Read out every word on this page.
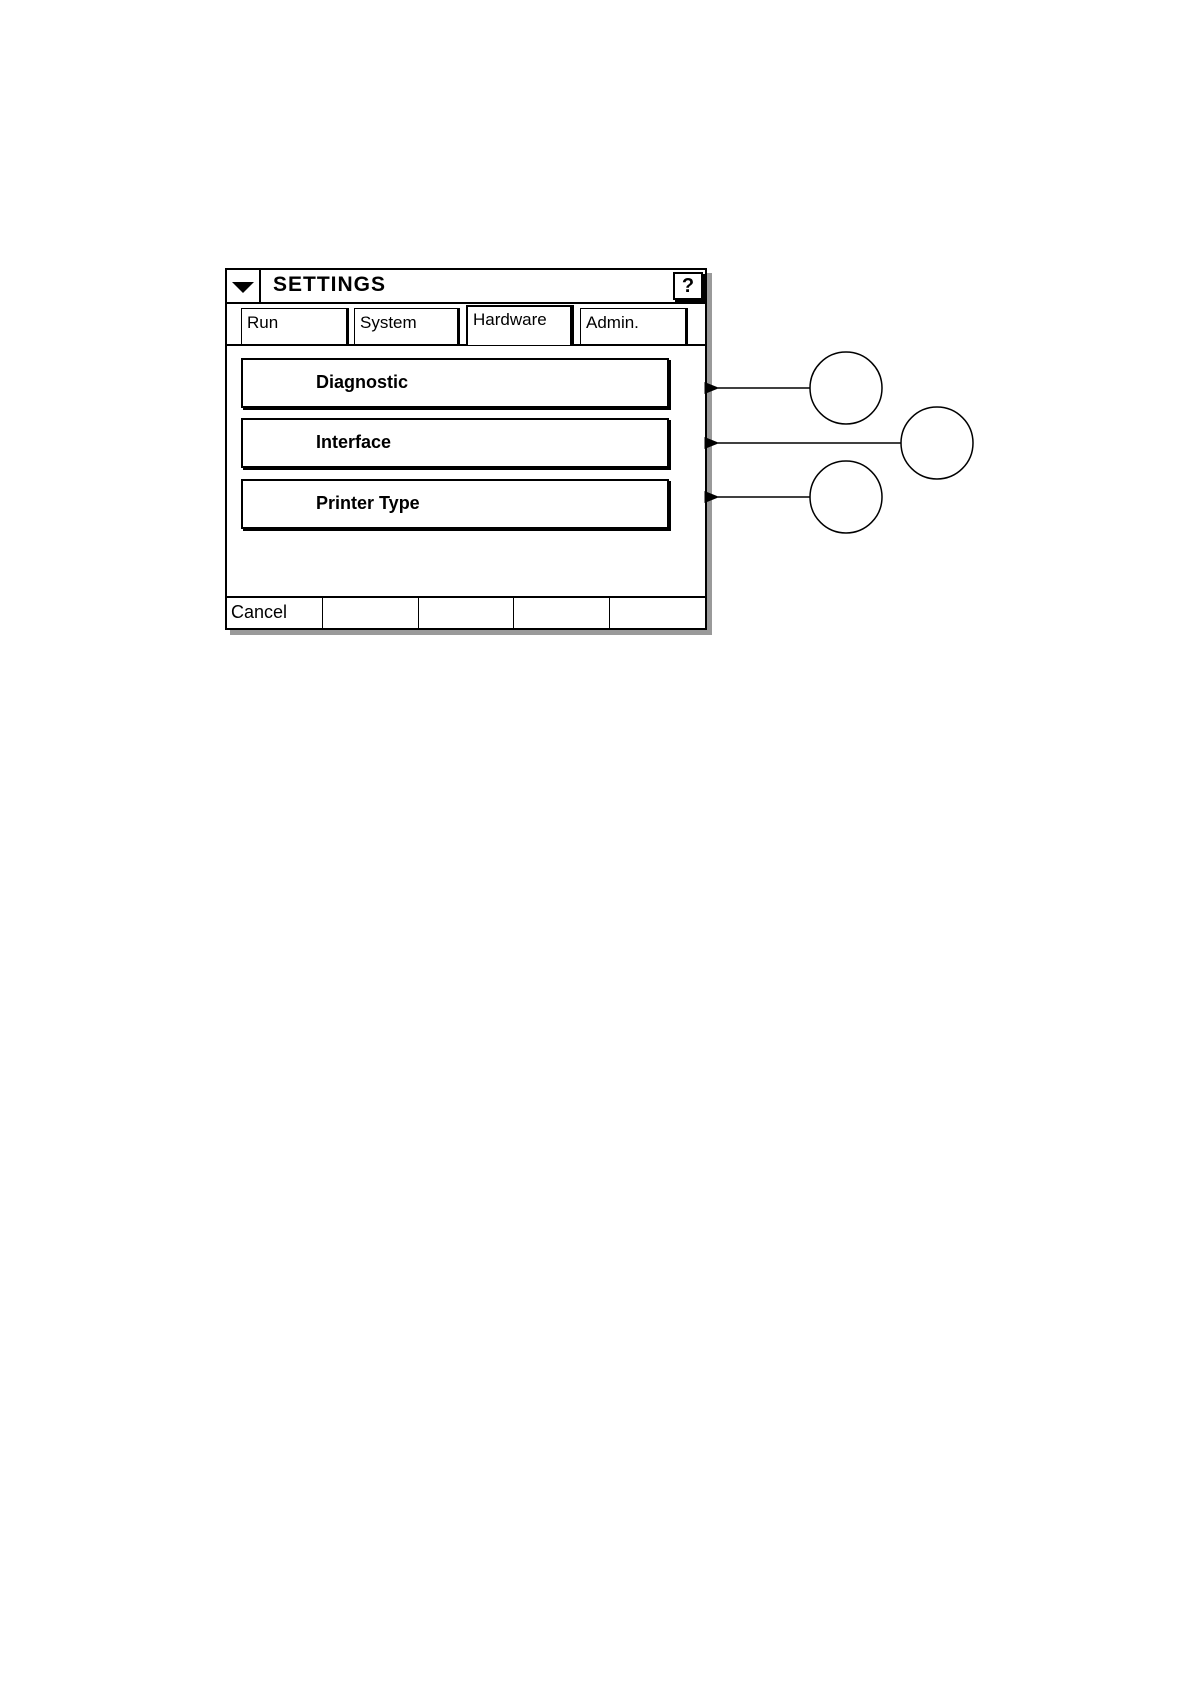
SETTINGS	?
Run	System	Hardware	Admin.
Diagnostic
Interface
Printer Type
Cancel
